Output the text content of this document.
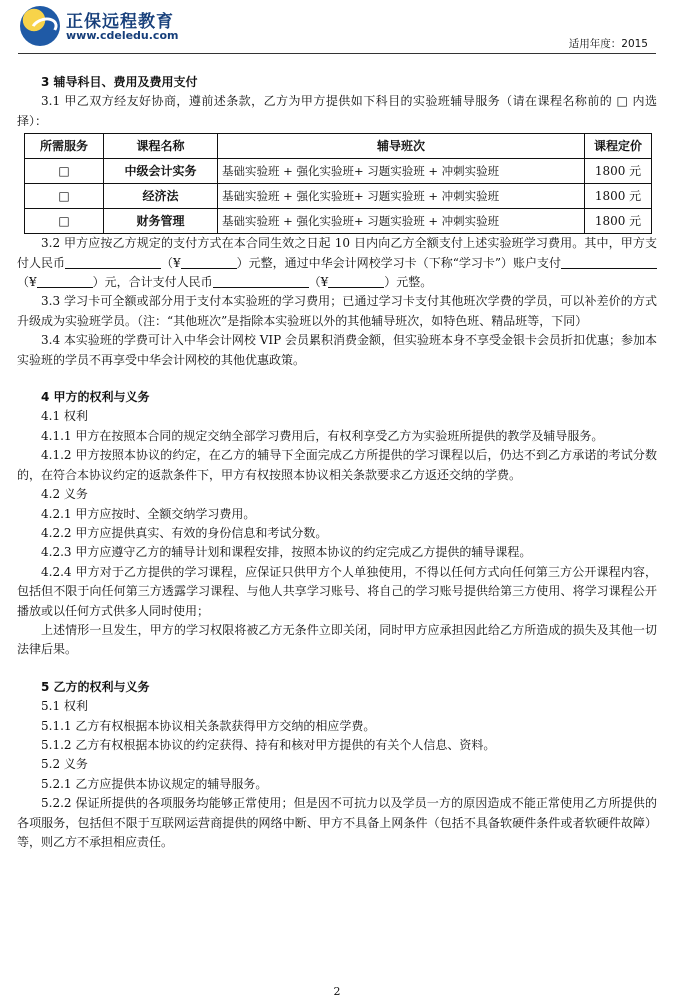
正保远程教育
www.cdeledu.com
适用年度：2015

3 辅导科目、费用及费用支付

3.1 甲乙双方经友好协商，遵前述条款，乙方为甲方提供如下科目的实验班辅导服务（请在课程名称前的 □ 内选择）：

所需服务	课程名称	辅导班次	课程定价
□	中级会计实务	基础实验班 + 强化实验班+ 习题实验班 + 冲刺实验班	1800 元
□	经济法	基础实验班 + 强化实验班+ 习题实验班 + 冲刺实验班	1800 元
□	财务管理	基础实验班 + 强化实验班+ 习题实验班 + 冲刺实验班	1800 元

3.2 甲方应按乙方规定的支付方式在本合同生效之日起 10 日内向乙方全额支付上述实验班学习费用。其中，甲方支付人民币	（¥	）元整，通过中华会计网校学习卡（下称“学习卡”）账户支付（¥	）元，合计支付人民币	（¥	）元整。

3.3 学习卡可全额或部分用于支付本实验班的学习费用；已通过学习卡支付其他班次学费的学员，可以补差价的方式升级成为实验班学员。（注：“其他班次”是指除本实验班以外的其他辅导班次，如特色班、精品班等，下同）

3.4 本实验班的学费可计入中华会计网校 VIP 会员累积消费金额，但实验班本身不享受金银卡会员折扣优惠；参加本实验班的学员不再享受中华会计网校的其他优惠政策。

4 甲方的权利与义务

4.1 权利

4.1.1 甲方在按照本合同的规定交纳全部学习费用后，有权利享受乙方为实验班所提供的教学及辅导服务。

4.1.2 甲方按照本协议的约定，在乙方的辅导下全面完成乙方所提供的学习课程以后，仍达不到乙方承诺的考试分数的，在符合本协议约定的返款条件下，甲方有权按照本协议相关条款要求乙方返还交纳的学费。

4.2 义务

4.2.1 甲方应按时、全额交纳学习费用。

4.2.2 甲方应提供真实、有效的身份信息和考试分数。

4.2.3 甲方应遵守乙方的辅导计划和课程安排，按照本协议的约定完成乙方提供的辅导课程。

4.2.4 甲方对于乙方提供的学习课程，应保证只供甲方个人单独使用，不得以任何方式向任何第三方公开课程内容，包括但不限于向任何第三方透露学习课程、与他人共享学习账号、将自己的学习账号提供给第三方使用、将学习课程公开播放或以任何方式供多人同时使用；

上述情形一旦发生，甲方的学习权限将被乙方无条件立即关闭，同时甲方应承担因此给乙方所造成的损失及其他一切法律后果。

5 乙方的权利与义务

5.1 权利

5.1.1 乙方有权根据本协议相关条款获得甲方交纳的相应学费。

5.1.2 乙方有权根据本协议的约定获得、持有和核对甲方提供的有关个人信息、资料。

5.2 义务

5.2.1 乙方应提供本协议规定的辅导服务。

5.2.2 保证所提供的各项服务均能够正常使用；但是因不可抗力以及学员一方的原因造成不能正常使用乙方所提供的各项服务，包括但不限于互联网运营商提供的网络中断、甲方不具备上网条件（包括不具备软硬件条件或者软硬件故障）等，则乙方不承担相应责任。

2
